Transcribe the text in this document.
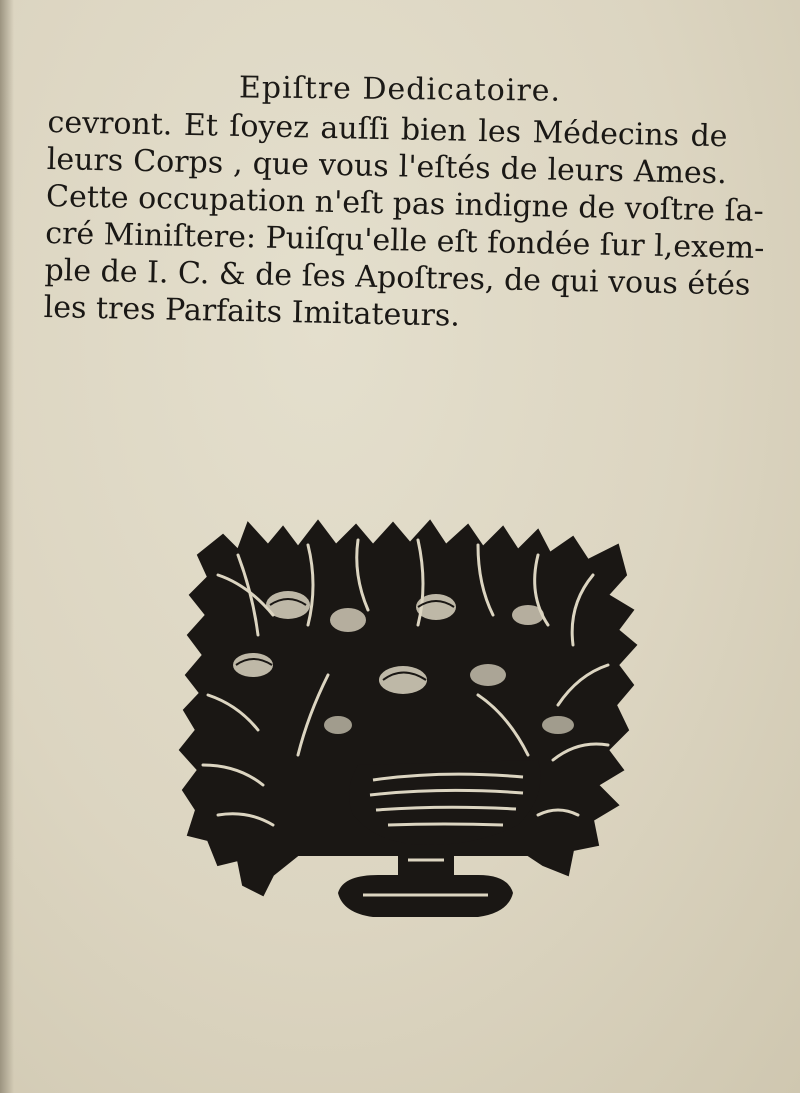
Epiſtre Dedicatoire.
cevront. Et ſoyez auſſi bien les Médecins de
leurs Corps , que vous l'eſtés de leurs Ames.
Cette occupation n'eſt pas indigne de voſtre ſa-
cré Miniſtere: Puiſqu'elle eſt fondée ſur l,exem-
ple de I. C. & de ſes Apoſtres, de qui vous étés
les tres Parfaits Imitateurs.
